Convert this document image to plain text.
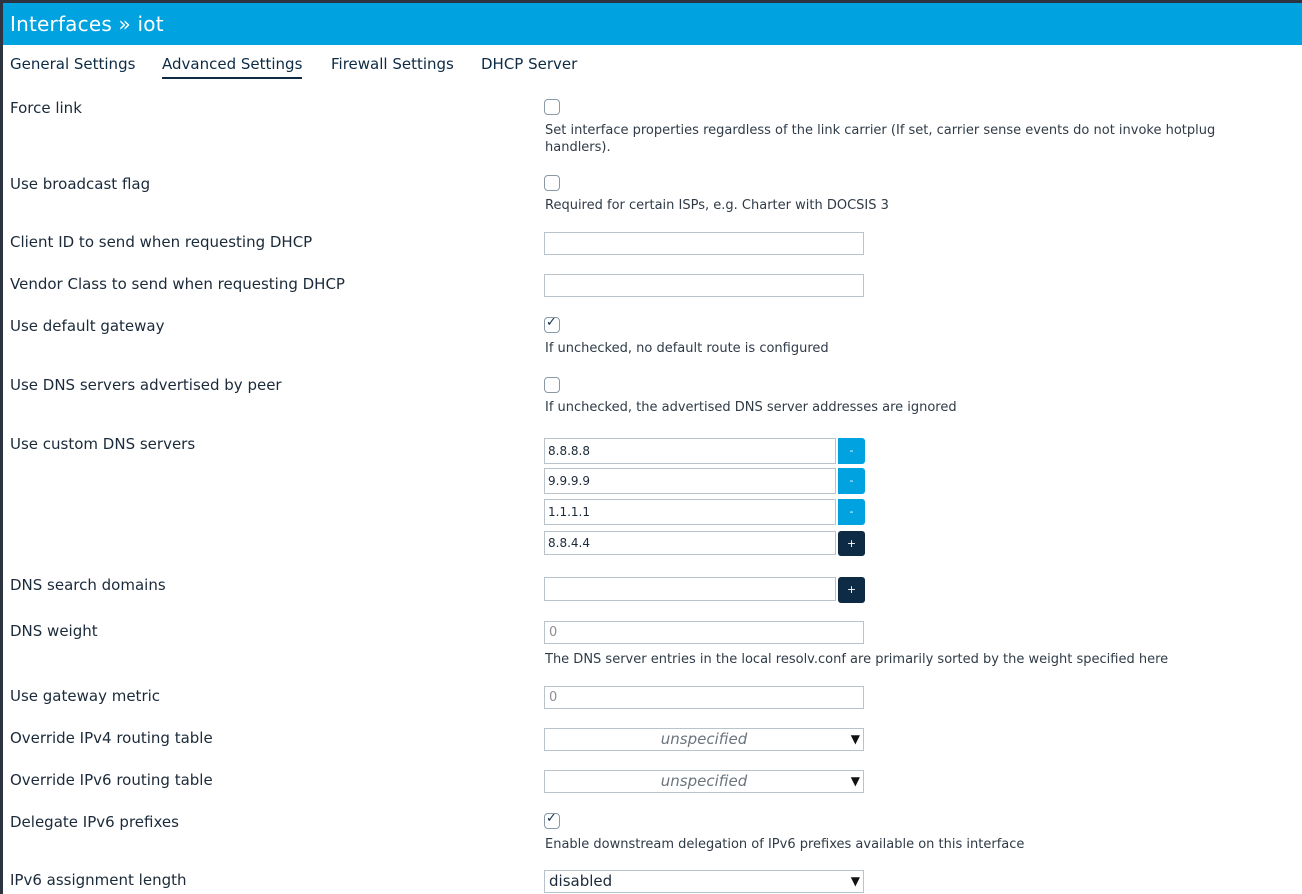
Interfaces » iot
General Settings Advanced Settings Firewall Settings DHCP Server
Force link
Set interface properties regardless of the link carrier (If set, carrier sense events do not invoke hotplug
handlers).
Use broadcast flag
Required for certain ISPs, e.g. Charter with DOCSIS 3
Client ID to send when requesting DHCP
Vendor Class to send when requesting DHCP
Use default gateway	✓
If unchecked, no default route is configured
Use DNS servers advertised by peer
If unchecked, the advertised DNS server addresses are ignored
Use custom DNS servers	8.8.8.8	-
9.9.9.9	-
1.1.1.1	-
8.8.4.4	+
DNS search domains	+
DNS weight	0
The DNS server entries in the local resolv.conf are primarily sorted by the weight specified here
Use gateway metric	0
Override IPv4 routing table	unspecified	▼
Override IPv6 routing table	unspecified	▼
Delegate IPv6 prefixes	✓
Enable downstream delegation of IPv6 prefixes available on this interface
IPv6 assignment length	disabled	▼
